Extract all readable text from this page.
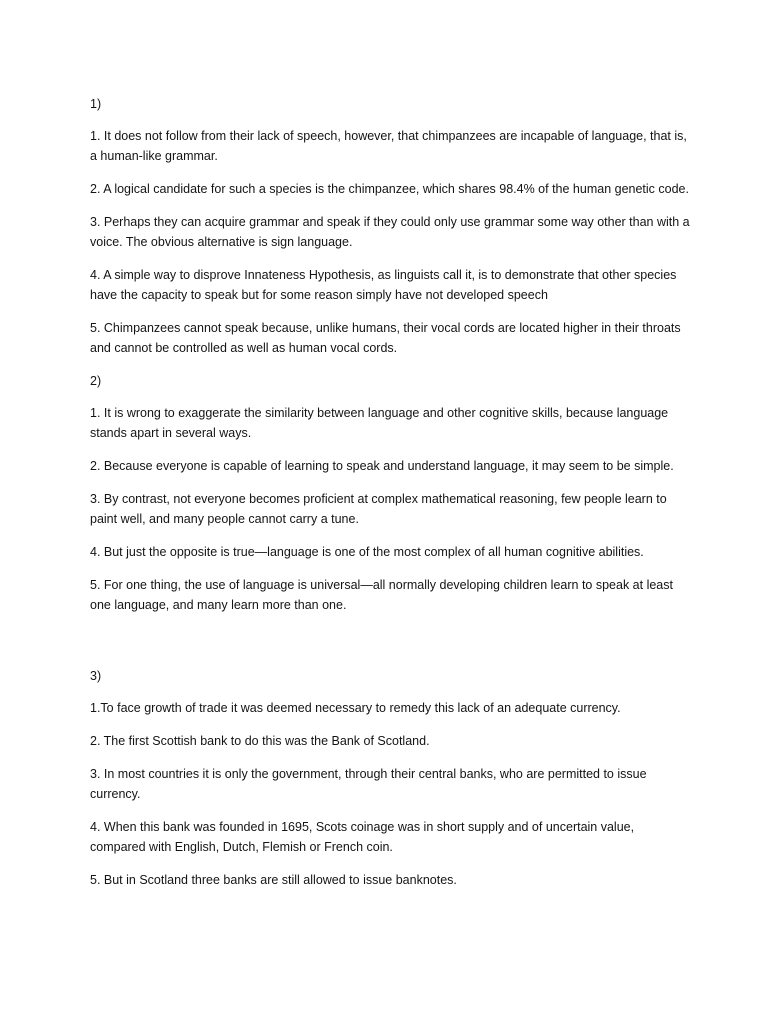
1)

1. It does not follow from their lack of speech, however, that chimpanzees are incapable of language, that is, a human-like grammar.

2. A logical candidate for such a species is the chimpanzee, which shares 98.4% of the human genetic code.

3. Perhaps they can acquire grammar and speak if they could only use grammar some way other than with a voice. The obvious alternative is sign language.

4. A simple way to disprove Innateness Hypothesis, as linguists call it, is to demonstrate that other species have the capacity to speak but for some reason simply have not developed speech

5. Chimpanzees cannot speak because, unlike humans, their vocal cords are located higher in their throats and cannot be controlled as well as human vocal cords.

2)

1. It is wrong to exaggerate the similarity between language and other cognitive skills, because language stands apart in several ways.

2. Because everyone is capable of learning to speak and understand language, it may seem to be simple.

3. By contrast, not everyone becomes proficient at complex mathematical reasoning, few people learn to paint well, and many people cannot carry a tune.

4. But just the opposite is true—language is one of the most complex of all human cognitive abilities.

5. For one thing, the use of language is universal—all normally developing children learn to speak at least one language, and many learn more than one.

3)

1.To face growth of trade it was deemed necessary to remedy this lack of an adequate currency.

2. The first Scottish bank to do this was the Bank of Scotland.

3. In most countries it is only the government, through their central banks, who are permitted to issue currency.

4. When this bank was founded in 1695, Scots coinage was in short supply and of uncertain value, compared with English, Dutch, Flemish or French coin.

5. But in Scotland three banks are still allowed to issue banknotes.
